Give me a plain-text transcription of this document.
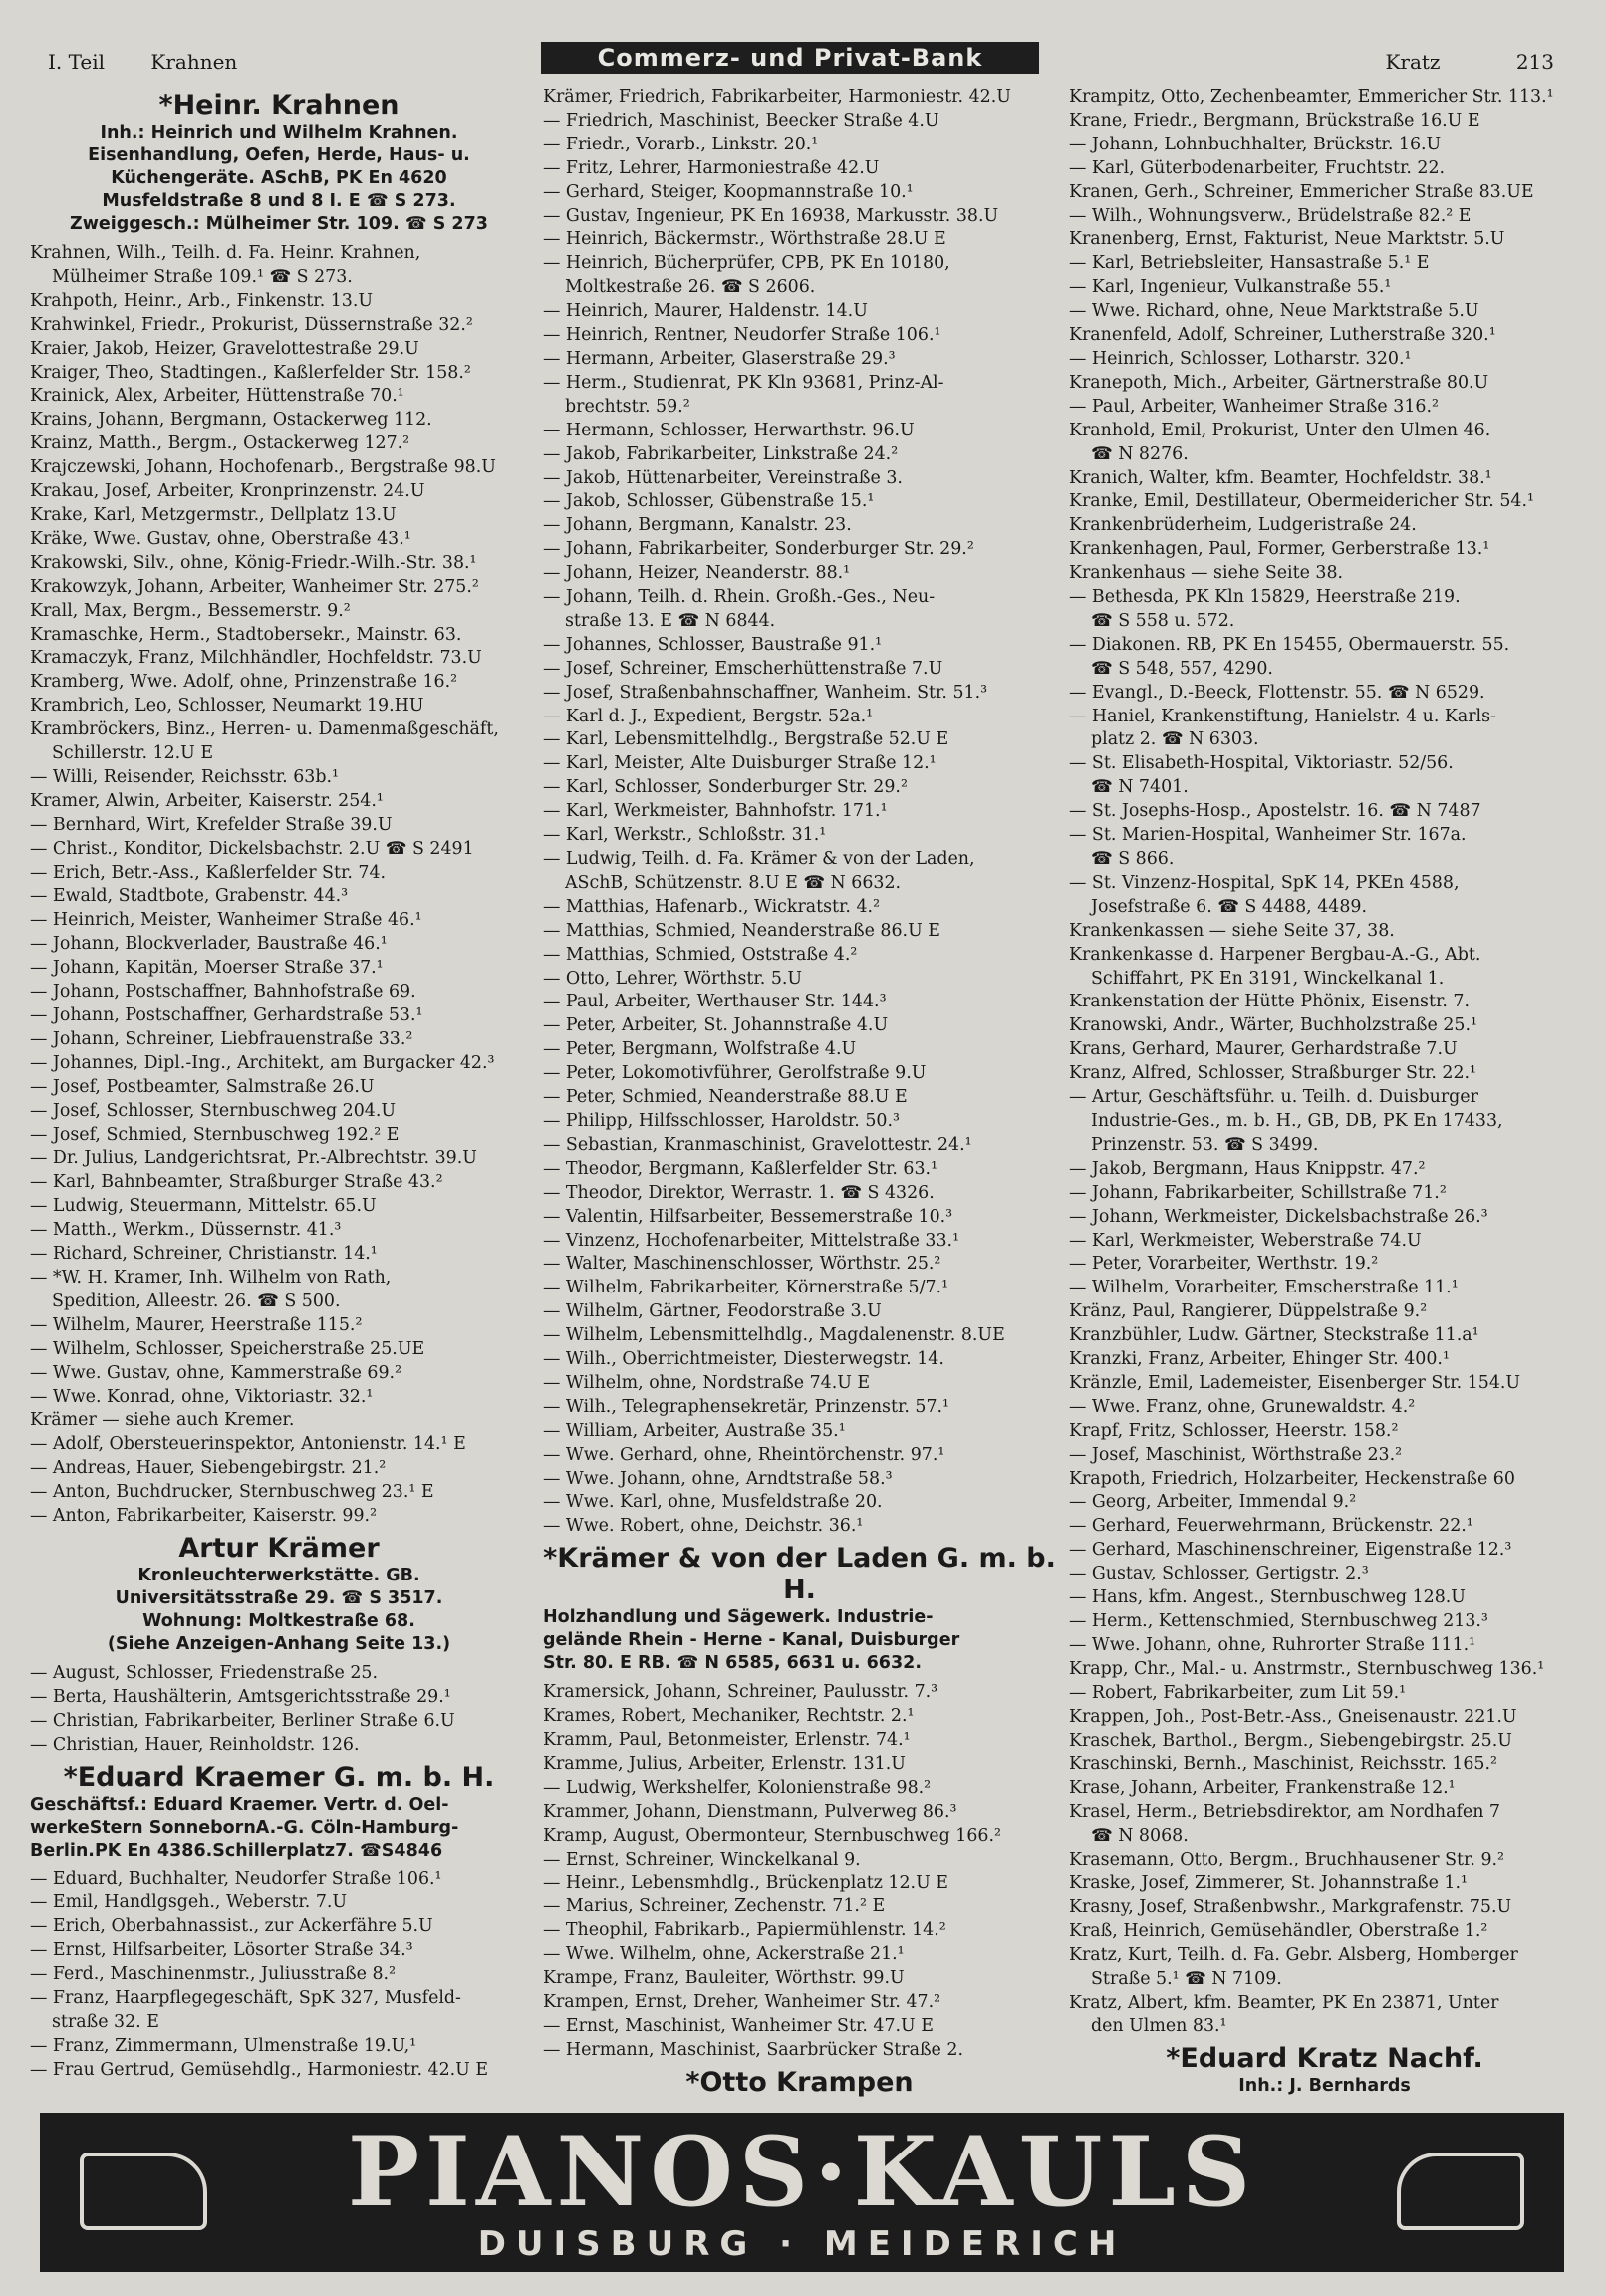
I. Teil Krahnen	Commerz- und Privat-Bank	Kratz	213
*Heinr. Krahnen
Inh.: Heinrich und Wilhelm Krahnen.
Eisenhandlung, Oefen, Herde, Haus- u.
Küchengeräte. ASchB, PK En 4620
Musfeldstraße 8 und 8 I. E ☎ S 273.
Zweiggesch.: Mülheimer Str. 109. ☎ S 273
Krahnen, Wilh., Teilh. d. Fa. Heinr. Krahnen,
Mülheimer Straße 109.¹ ☎ S 273.
Krahpoth, Heinr., Arb., Finkenstr. 13.U
Krahwinkel, Friedr., Prokurist, Düssernstraße 32.²
Kraier, Jakob, Heizer, Gravelottestraße 29.U
Kraiger, Theo, Stadtingen., Kaßlerfelder Str. 158.²
Krainick, Alex, Arbeiter, Hüttenstraße 70.¹
Krains, Johann, Bergmann, Ostackerweg 112.
Krainz, Matth., Bergm., Ostackerweg 127.²
Krajczewski, Johann, Hochofenarb., Bergstraße 98.U
Krakau, Josef, Arbeiter, Kronprinzenstr. 24.U
Krake, Karl, Metzgermstr., Dellplatz 13.U
Kräke, Wwe. Gustav, ohne, Oberstraße 43.¹
Krakowski, Silv., ohne, König-Friedr.-Wilh.-Str. 38.¹
Krakowzyk, Johann, Arbeiter, Wanheimer Str. 275.²
Krall, Max, Bergm., Bessemerstr. 9.²
Kramaschke, Herm., Stadtobersekr., Mainstr. 63.
Kramaczyk, Franz, Milchhändler, Hochfeldstr. 73.U
Kramberg, Wwe. Adolf, ohne, Prinzenstraße 16.²
Krambrich, Leo, Schlosser, Neumarkt 19.HU
Krambröckers, Binz., Herren- u. Damenmaßgeschäft,
Schillerstr. 12.U E
— Willi, Reisender, Reichsstr. 63b.¹
Kramer, Alwin, Arbeiter, Kaiserstr. 254.¹
— Bernhard, Wirt, Krefelder Straße 39.U
— Christ., Konditor, Dickelsbachstr. 2.U ☎ S 2491
— Erich, Betr.-Ass., Kaßlerfelder Str. 74.
— Ewald, Stadtbote, Grabenstr. 44.³
— Heinrich, Meister, Wanheimer Straße 46.¹
— Johann, Blockverlader, Baustraße 46.¹
— Johann, Kapitän, Moerser Straße 37.¹
— Johann, Postschaffner, Bahnhofstraße 69.
— Johann, Postschaffner, Gerhardstraße 53.¹
— Johann, Schreiner, Liebfrauenstraße 33.²
— Johannes, Dipl.-Ing., Architekt, am Burgacker 42.³
— Josef, Postbeamter, Salmstraße 26.U
— Josef, Schlosser, Sternbuschweg 204.U
— Josef, Schmied, Sternbuschweg 192.² E
— Dr. Julius, Landgerichtsrat, Pr.-Albrechtstr. 39.U
— Karl, Bahnbeamter, Straßburger Straße 43.²
— Ludwig, Steuermann, Mittelstr. 65.U
— Matth., Werkm., Düssernstr. 41.³
— Richard, Schreiner, Christianstr. 14.¹
— *W. H. Kramer, Inh. Wilhelm von Rath,
Spedition, Alleestr. 26. ☎ S 500.
— Wilhelm, Maurer, Heerstraße 115.²
— Wilhelm, Schlosser, Speicherstraße 25.UE
— Wwe. Gustav, ohne, Kammerstraße 69.²
— Wwe. Konrad, ohne, Viktoriastr. 32.¹
Krämer — siehe auch Kremer.
— Adolf, Obersteuerinspektor, Antonienstr. 14.¹ E
— Andreas, Hauer, Siebengebirgstr. 21.²
— Anton, Buchdrucker, Sternbuschweg 23.¹ E
— Anton, Fabrikarbeiter, Kaiserstr. 99.²
Artur Krämer
Kronleuchterwerkstätte. GB.
Universitätsstraße 29. ☎ S 3517.
Wohnung: Moltkestraße 68.
(Siehe Anzeigen-Anhang Seite 13.)
— August, Schlosser, Friedenstraße 25.
— Berta, Haushälterin, Amtsgerichtsstraße 29.¹
— Christian, Fabrikarbeiter, Berliner Straße 6.U
— Christian, Hauer, Reinholdstr. 126.
*Eduard Kraemer G. m. b. H.
Geschäftsf.: Eduard Kraemer. Vertr. d. Oel-
werkeStern SonnebornA.-G. Cöln-Hamburg-
Berlin.PK En 4386.Schillerplatz7. ☎S4846
— Eduard, Buchhalter, Neudorfer Straße 106.¹
— Emil, Handlgsgeh., Weberstr. 7.U
— Erich, Oberbahnassist., zur Ackerfähre 5.U
— Ernst, Hilfsarbeiter, Lösorter Straße 34.³
— Ferd., Maschinenmstr., Juliusstraße 8.²
— Franz, Haarpflegegeschäft, SpK 327, Musfeld-
straße 32. E
— Franz, Zimmermann, Ulmenstraße 19.U,¹
— Frau Gertrud, Gemüsehdlg., Harmoniestr. 42.U E
Krämer, Friedrich, Fabrikarbeiter, Harmoniestr. 42.U
— Friedrich, Maschinist, Beecker Straße 4.U
— Friedr., Vorarb., Linkstr. 20.¹
— Fritz, Lehrer, Harmoniestraße 42.U
— Gerhard, Steiger, Koopmannstraße 10.¹
— Gustav, Ingenieur, PK En 16938, Markusstr. 38.U
— Heinrich, Bäckermstr., Wörthstraße 28.U E
— Heinrich, Bücherprüfer, CPB, PK En 10180,
Moltkestraße 26. ☎ S 2606.
— Heinrich, Maurer, Haldenstr. 14.U
— Heinrich, Rentner, Neudorfer Straße 106.¹
— Hermann, Arbeiter, Glaserstraße 29.³
— Herm., Studienrat, PK Kln 93681, Prinz-Al-
brechtstr. 59.²
— Hermann, Schlosser, Herwarthstr. 96.U
— Jakob, Fabrikarbeiter, Linkstraße 24.²
— Jakob, Hüttenarbeiter, Vereinstraße 3.
— Jakob, Schlosser, Gübenstraße 15.¹
— Johann, Bergmann, Kanalstr. 23.
— Johann, Fabrikarbeiter, Sonderburger Str. 29.²
— Johann, Heizer, Neanderstr. 88.¹
— Johann, Teilh. d. Rhein. Großh.-Ges., Neu-
straße 13. E ☎ N 6844.
— Johannes, Schlosser, Baustraße 91.¹
— Josef, Schreiner, Emscherhüttenstraße 7.U
— Josef, Straßenbahnschaffner, Wanheim. Str. 51.³
— Karl d. J., Expedient, Bergstr. 52a.¹
— Karl, Lebensmittelhdlg., Bergstraße 52.U E
— Karl, Meister, Alte Duisburger Straße 12.¹
— Karl, Schlosser, Sonderburger Str. 29.²
— Karl, Werkmeister, Bahnhofstr. 171.¹
— Karl, Werkstr., Schloßstr. 31.¹
— Ludwig, Teilh. d. Fa. Krämer & von der Laden,
ASchB, Schützenstr. 8.U E ☎ N 6632.
— Matthias, Hafenarb., Wickratstr. 4.²
— Matthias, Schmied, Neanderstraße 86.U E
— Matthias, Schmied, Oststraße 4.²
— Otto, Lehrer, Wörthstr. 5.U
— Paul, Arbeiter, Werthauser Str. 144.³
— Peter, Arbeiter, St. Johannstraße 4.U
— Peter, Bergmann, Wolfstraße 4.U
— Peter, Lokomotivführer, Gerolfstraße 9.U
— Peter, Schmied, Neanderstraße 88.U E
— Philipp, Hilfsschlosser, Haroldstr. 50.³
— Sebastian, Kranmaschinist, Gravelottestr. 24.¹
— Theodor, Bergmann, Kaßlerfelder Str. 63.¹
— Theodor, Direktor, Werrastr. 1. ☎ S 4326.
— Valentin, Hilfsarbeiter, Bessemerstraße 10.³
— Vinzenz, Hochofenarbeiter, Mittelstraße 33.¹
— Walter, Maschinenschlosser, Wörthstr. 25.²
— Wilhelm, Fabrikarbeiter, Körnerstraße 5/7.¹
— Wilhelm, Gärtner, Feodorstraße 3.U
— Wilhelm, Lebensmittelhdlg., Magdalenenstr. 8.UE
— Wilh., Oberrichtmeister, Diesterwegstr. 14.
— Wilhelm, ohne, Nordstraße 74.U E
— Wilh., Telegraphensekretär, Prinzenstr. 57.¹
— William, Arbeiter, Austraße 35.¹
— Wwe. Gerhard, ohne, Rheintörchenstr. 97.¹
— Wwe. Johann, ohne, Arndtstraße 58.³
— Wwe. Karl, ohne, Musfeldstraße 20.
— Wwe. Robert, ohne, Deichstr. 36.¹
*Krämer & von der Laden G. m. b. H.
Holzhandlung und Sägewerk. Industrie-
gelände Rhein - Herne - Kanal, Duisburger
Str. 80. E RB. ☎ N 6585, 6631 u. 6632.
Kramersick, Johann, Schreiner, Paulusstr. 7.³
Krames, Robert, Mechaniker, Rechtstr. 2.¹
Kramm, Paul, Betonmeister, Erlenstr. 74.¹
Kramme, Julius, Arbeiter, Erlenstr. 131.U
— Ludwig, Werkshelfer, Kolonienstraße 98.²
Krammer, Johann, Dienstmann, Pulverweg 86.³
Kramp, August, Obermonteur, Sternbuschweg 166.²
— Ernst, Schreiner, Winckelkanal 9.
— Heinr., Lebensmhdlg., Brückenplatz 12.U E
— Marius, Schreiner, Zechenstr. 71.² E
— Theophil, Fabrikarb., Papiermühlenstr. 14.²
— Wwe. Wilhelm, ohne, Ackerstraße 21.¹
Krampe, Franz, Bauleiter, Wörthstr. 99.U
Krampen, Ernst, Dreher, Wanheimer Str. 47.²
— Ernst, Maschinist, Wanheimer Str. 47.U E
— Hermann, Maschinist, Saarbrücker Straße 2.
*Otto Krampen
Krampitz, Otto, Zechenbeamter, Emmericher Str. 113.¹
Krane, Friedr., Bergmann, Brückstraße 16.U E
— Johann, Lohnbuchhalter, Brückstr. 16.U
— Karl, Güterbodenarbeiter, Fruchtstr. 22.
Kranen, Gerh., Schreiner, Emmericher Straße 83.UE
— Wilh., Wohnungsverw., Brüdelstraße 82.² E
Kranenberg, Ernst, Fakturist, Neue Marktstr. 5.U
— Karl, Betriebsleiter, Hansastraße 5.¹ E
— Karl, Ingenieur, Vulkanstraße 55.¹
— Wwe. Richard, ohne, Neue Marktstraße 5.U
Kranenfeld, Adolf, Schreiner, Lutherstraße 320.¹
— Heinrich, Schlosser, Lotharstr. 320.¹
Kranepoth, Mich., Arbeiter, Gärtnerstraße 80.U
— Paul, Arbeiter, Wanheimer Straße 316.²
Kranhold, Emil, Prokurist, Unter den Ulmen 46.
☎ N 8276.
Kranich, Walter, kfm. Beamter, Hochfeldstr. 38.¹
Kranke, Emil, Destillateur, Obermeidericher Str. 54.¹
Krankenbrüderheim, Ludgeristraße 24.
Krankenhagen, Paul, Former, Gerberstraße 13.¹
Krankenhaus — siehe Seite 38.
— Bethesda, PK Kln 15829, Heerstraße 219.
☎ S 558 u. 572.
— Diakonen. RB, PK En 15455, Obermauerstr. 55.
☎ S 548, 557, 4290.
— Evangl., D.-Beeck, Flottenstr. 55. ☎ N 6529.
— Haniel, Krankenstiftung, Hanielstr. 4 u. Karls-
platz 2. ☎ N 6303.
— St. Elisabeth-Hospital, Viktoriastr. 52/56.
☎ N 7401.
— St. Josephs-Hosp., Apostelstr. 16. ☎ N 7487
— St. Marien-Hospital, Wanheimer Str. 167a.
☎ S 866.
— St. Vinzenz-Hospital, SpK 14, PKEn 4588,
Josefstraße 6. ☎ S 4488, 4489.
Krankenkassen — siehe Seite 37, 38.
Krankenkasse d. Harpener Bergbau-A.-G., Abt.
Schiffahrt, PK En 3191, Winckelkanal 1.
Krankenstation der Hütte Phönix, Eisenstr. 7.
Kranowski, Andr., Wärter, Buchholzstraße 25.¹
Krans, Gerhard, Maurer, Gerhardstraße 7.U
Kranz, Alfred, Schlosser, Straßburger Str. 22.¹
— Artur, Geschäftsführ. u. Teilh. d. Duisburger
Industrie-Ges., m. b. H., GB, DB, PK En 17433,
Prinzenstr. 53. ☎ S 3499.
— Jakob, Bergmann, Haus Knippstr. 47.²
— Johann, Fabrikarbeiter, Schillstraße 71.²
— Johann, Werkmeister, Dickelsbachstraße 26.³
— Karl, Werkmeister, Weberstraße 74.U
— Peter, Vorarbeiter, Werthstr. 19.²
— Wilhelm, Vorarbeiter, Emscherstraße 11.¹
Kränz, Paul, Rangierer, Düppelstraße 9.²
Kranzbühler, Ludw. Gärtner, Steckstraße 11.a¹
Kranzki, Franz, Arbeiter, Ehinger Str. 400.¹
Kränzle, Emil, Lademeister, Eisenberger Str. 154.U
— Wwe. Franz, ohne, Grunewaldstr. 4.²
Krapf, Fritz, Schlosser, Heerstr. 158.²
— Josef, Maschinist, Wörthstraße 23.²
Krapoth, Friedrich, Holzarbeiter, Heckenstraße 60
— Georg, Arbeiter, Immendal 9.²
— Gerhard, Feuerwehrmann, Brückenstr. 22.¹
— Gerhard, Maschinenschreiner, Eigenstraße 12.³
— Gustav, Schlosser, Gertigstr. 2.³
— Hans, kfm. Angest., Sternbuschweg 128.U
— Herm., Kettenschmied, Sternbuschweg 213.³
— Wwe. Johann, ohne, Ruhrorter Straße 111.¹
Krapp, Chr., Mal.- u. Anstrmstr., Sternbuschweg 136.¹
— Robert, Fabrikarbeiter, zum Lit 59.¹
Krappen, Joh., Post-Betr.-Ass., Gneisenaustr. 221.U
Kraschek, Barthol., Bergm., Siebengebirgstr. 25.U
Kraschinski, Bernh., Maschinist, Reichsstr. 165.²
Krase, Johann, Arbeiter, Frankenstraße 12.¹
Krasel, Herm., Betriebsdirektor, am Nordhafen 7
☎ N 8068.
Krasemann, Otto, Bergm., Bruchhausener Str. 9.²
Kraske, Josef, Zimmerer, St. Johannstraße 1.¹
Krasny, Josef, Straßenbwshr., Markgrafenstr. 75.U
Kraß, Heinrich, Gemüsehändler, Oberstraße 1.²
Kratz, Kurt, Teilh. d. Fa. Gebr. Alsberg, Homberger
Straße 5.¹ ☎ N 7109.
Kratz, Albert, kfm. Beamter, PK En 23871, Unter
den Ulmen 83.¹
*Eduard Kratz Nachf.
Inh.: J. Bernhards
PIANOS·KAULS
DUISBURG · MEIDERICH
